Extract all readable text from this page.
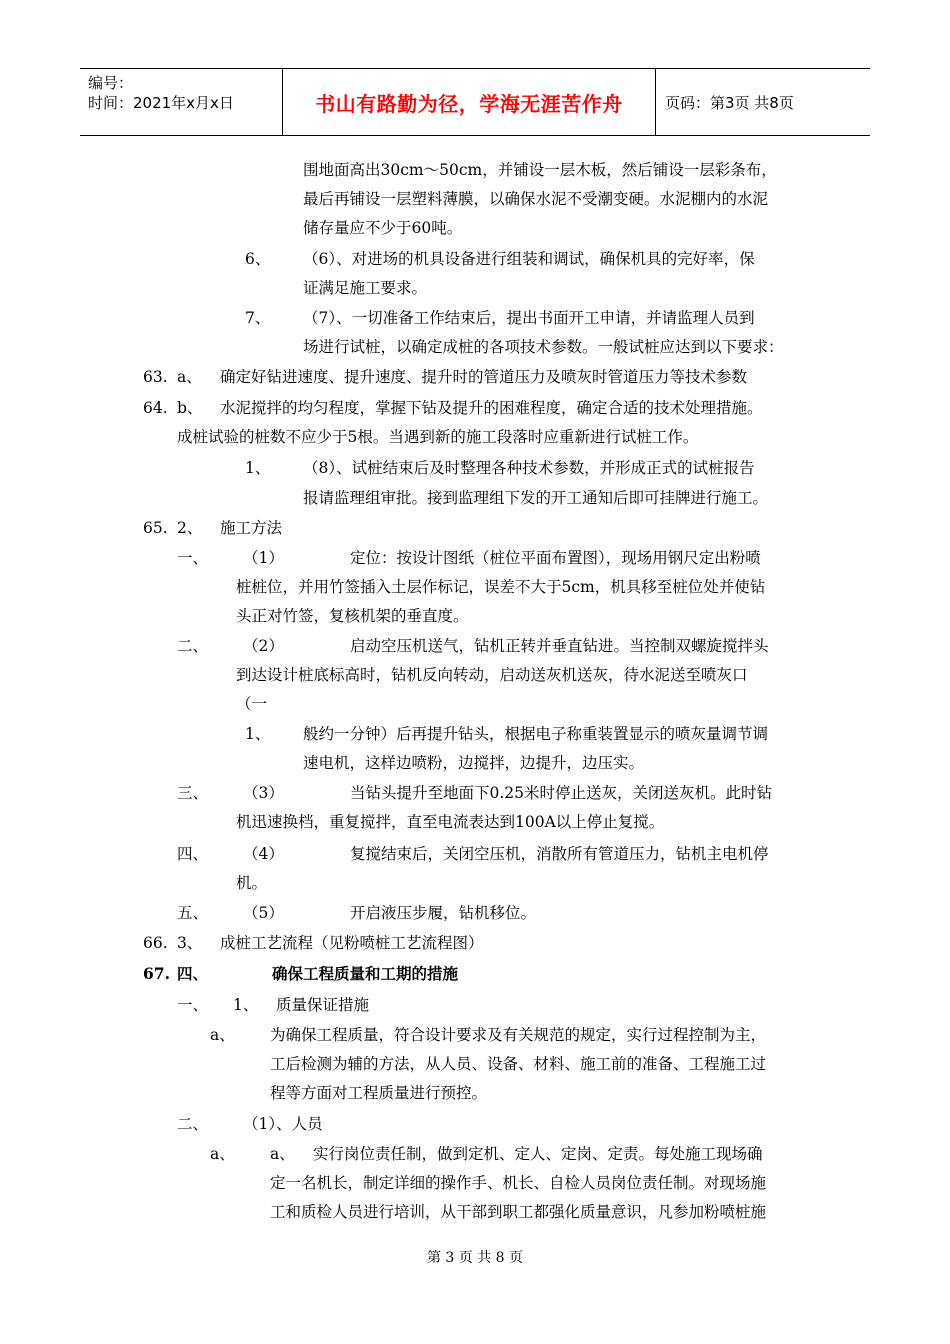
编号：
时间：2021年x月x日	书山有路勤为径，学海无涯苦作舟	页码：第3页 共8页
围地面高出30cm～50cm，并铺设一层木板，然后铺设一层彩条布，
最后再铺设一层塑料薄膜，以确保水泥不受潮变硬。水泥棚内的水泥
储存量应不少于60吨。
6、 （6）、对进场的机具设备进行组装和调试，确保机具的完好率，保
证满足施工要求。
7、 （7）、一切准备工作结束后，提出书面开工申请，并请监理人员到
场进行试桩，以确定成桩的各项技术参数。一般试桩应达到以下要求：
63. a、 确定好钻进速度、提升速度、提升时的管道压力及喷灰时管道压力等技术参数
64. b、 水泥搅拌的均匀程度，掌握下钻及提升的困难程度，确定合适的技术处理措施。
成桩试验的桩数不应少于5根。当遇到新的施工段落时应重新进行试桩工作。
1、 （8）、试桩结束后及时整理各种技术参数，并形成正式的试桩报告
报请监理组审批。接到监理组下发的开工通知后即可挂牌进行施工。
65. 2、 施工方法
一、 （1）	定位：按设计图纸（桩位平面布置图），现场用钢尺定出粉喷
桩桩位，并用竹签插入土层作标记，误差不大于5cm，机具移至桩位处并使钻
头正对竹签，复核机架的垂直度。
二、 （2）	启动空压机送气，钻机正转并垂直钻进。当控制双螺旋搅拌头
到达设计桩底标高时，钻机反向转动，启动送灰机送灰，待水泥送至喷灰口
（一
1、 般约一分钟）后再提升钻头，根据电子称重装置显示的喷灰量调节调
速电机，这样边喷粉，边搅拌，边提升，边压实。
三、 （3）	当钻头提升至地面下0.25米时停止送灰，关闭送灰机。此时钻
机迅速换档，重复搅拌，直至电流表达到100A以上停止复搅。
四、 （4）	复搅结束后，关闭空压机，消散所有管道压力，钻机主电机停
机。
五、 （5）	开启液压步履，钻机移位。
66. 3、 成桩工艺流程（见粉喷桩工艺流程图）
67. 四、	确保工程质量和工期的措施
一、 1、 质量保证措施
a、 为确保工程质量，符合设计要求及有关规范的规定，实行过程控制为主，
工后检测为辅的方法，从人员、设备、材料、施工前的准备、工程施工过
程等方面对工程质量进行预控。
二、 （1）、人员
a、 a、 实行岗位责任制，做到定机、定人、定岗、定责。每处施工现场确
定一名机长，制定详细的操作手、机长、自检人员岗位责任制。对现场施
工和质检人员进行培训，从干部到职工都强化质量意识，凡参加粉喷桩施
第 3 页 共 8 页
